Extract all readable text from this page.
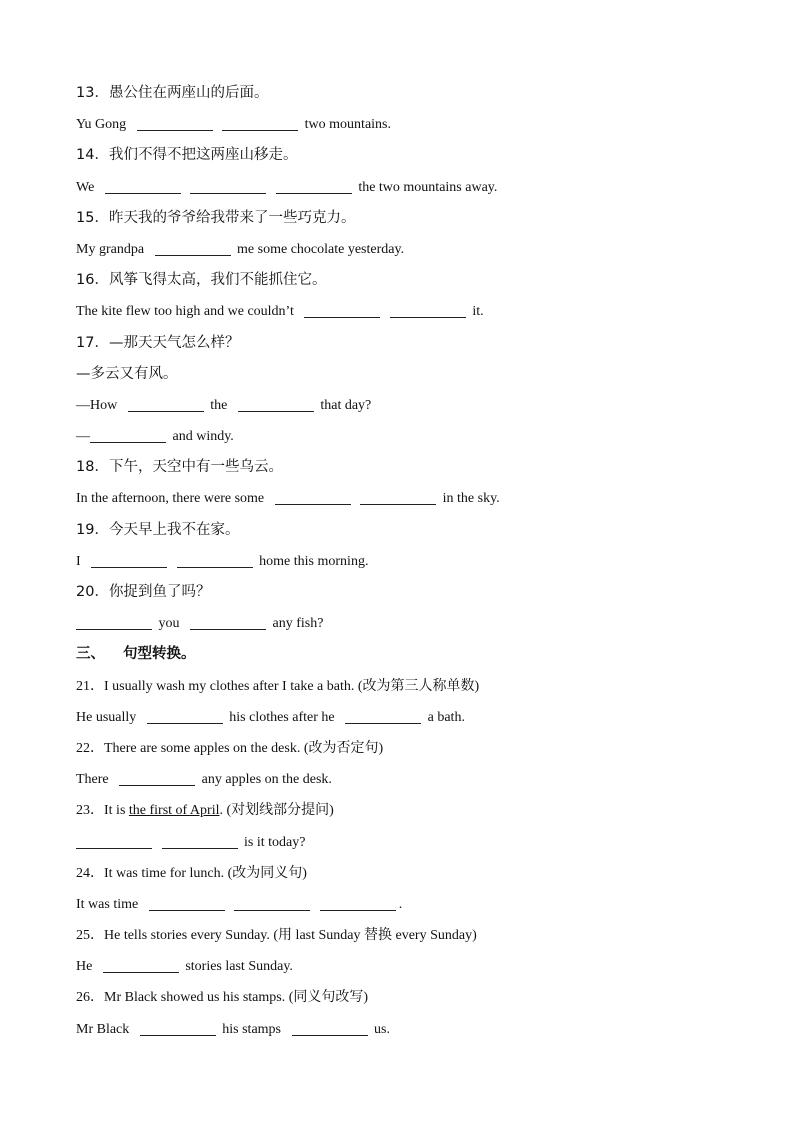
13．愚公住在两座山的后面。
Yu Gong	two mountains.
14．我们不得不把这两座山移走。
We	the two mountains away.
15．昨天我的爷爷给我带来了一些巧克力。
My grandpa	me some chocolate yesterday.
16．风筝飞得太高，我们不能抓住它。
The kite flew too high and we couldn’t	it.
17．—那天天气怎么样？
—多云又有风。
—How	the	that day?
—	and windy.
18．下午，天空中有一些乌云。
In the afternoon, there were some	in the sky.
19．今天早上我不在家。
I	home this morning.
20．你捉到鱼了吗？
you	any fish?
三、 句型转换。
21．I usually wash my clothes after I take a bath. (改为第三人称单数)
He usually	his clothes after he	a bath.
22．There are some apples on the desk. (改为否定句)
There	any apples on the desk.
23．It is the first of April. (对划线部分提问)
is it today?
24．It was time for lunch. (改为同义句)
It was time	.
25．He tells stories every Sunday. (用 last Sunday 替换 every Sunday)
He	stories last Sunday.
26．Mr Black showed us his stamps. (同义句改写)
Mr Black	his stamps	us.
